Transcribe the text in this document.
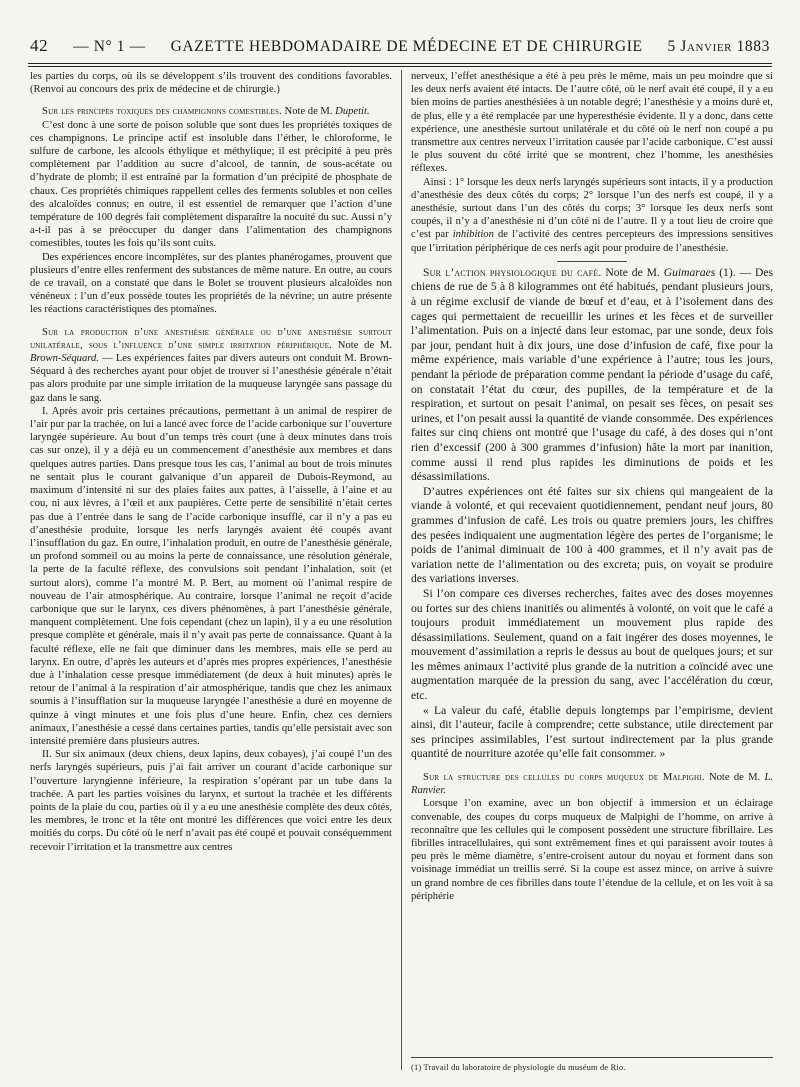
42 — N° 1 — GAZETTE HEBDOMADAIRE DE MÉDECINE ET DE CHIRURGIE 5 Janvier 1883

les parties du corps, où ils se développent s’ils trouvent des conditions favorables. (Renvoi au concours des prix de médecine et de chirurgie.)

Sur les principes toxiques des champignons comestibles. Note de M. Dupetit.

C’est donc à une sorte de poison soluble que sont dues les propriétés toxiques de ces champignons. Le principe actif est insoluble dans l’éther, le chloroforme, le sulfure de carbone, les alcools éthylique et méthylique; il est précipité à peu près complètement par l’addition au sucre d’alcool, de tannin, de sous-acétate ou d’hydrate de plomb; il est entraîné par la formation d’un précipité de phosphate de chaux. Ces propriétés chimiques rappellent celles des ferments solubles et non celles des alcaloïdes connus; en outre, il est essentiel de remarquer que l’action d’une température de 100 degrés fait complètement disparaître la nocuité du suc. Aussi n’y a-t-il pas à se préoccuper du danger dans l’alimentation des champignons comestibles, toutes les fois qu’ils sont cuits.

Des expériences encore incomplètes, sur des plantes phanérogames, prouvent que plusieurs d’entre elles renferment des substances de même nature. En outre, au cours de ce travail, on a constaté que dans le Bolet se trouvent plusieurs alcaloïdes non vénéneux : l’un d’eux possède toutes les propriétés de la névrine; un autre présente les réactions caractéristiques des ptomaïnes.

Sur la production d’une anesthésie générale ou d’une anesthésie surtout unilatérale, sous l’influence d’une simple irritation périphérique. Note de M. Brown-Séquard. — Les expériences faites par divers auteurs ont conduit M. Brown-Séquard à des recherches ayant pour objet de trouver si l’anesthésie générale n’était pas alors produite par une simple irritation de la muqueuse laryngée sans passage du gaz dans le sang.

I. Après avoir pris certaines précautions, permettant à un animal de respirer de l’air pur par la trachée, on lui a lancé avec force de l’acide carbonique sur l’ouverture laryngée supérieure. Au bout d’un temps très court (une à deux minutes dans trois cas sur onze), il y a déjà eu un commencement d’anesthésie aux membres et dans quelques autres parties. Dans presque tous les cas, l’animal au bout de trois minutes ne sentait plus le courant galvanique d’un appareil de Dubois-Reymond, au maximum d’intensité ni sur des plaies faites aux pattes, à l’aisselle, à l’aine et au cou, ni aux lèvres, à l’œil et aux paupières. Cette perte de sensibilité n’était certes pas due à l’entrée dans le sang de l’acide carbonique insufflé, car il n’y a pas eu d’anesthésie produite, lorsque les nerfs laryngés avaient été coupés avant l’insufflation du gaz. En outre, l’inhalation produit, en outre de l’anesthésie générale, un profond sommeil ou au moins la perte de connaissance, une résolution générale, la perte de la faculté réflexe, des convulsions soit pendant l’inhalation, soit (et surtout alors), comme l’a montré M. P. Bert, au moment où l’animal respire de nouveau de l’air atmosphérique. Au contraire, lorsque l’animal ne reçoit d’acide carbonique que sur le larynx, ces divers phénomènes, à part l’anesthésie générale, manquent complètement. Une fois cependant (chez un lapin), il y a eu une résolution presque complète et générale, mais il n’y avait pas perte de connaissance. Quant à la faculté réflexe, elle ne fait que diminuer dans les membres, mais elle se perd au larynx. En outre, d’après les auteurs et d’après mes propres expériences, l’anesthésie due à l’inhalation cesse presque immédiatement (de deux à huit minutes) après le retour de l’animal à la respiration d’air atmosphérique, tandis que chez les animaux soumis à l’insufflation sur la muqueuse laryngée l’anesthésie a duré en moyenne de quinze à vingt minutes et une fois plus d’une heure. Enfin, chez ces derniers animaux, l’anesthésie a cessé dans certaines parties, tandis qu’elle persistait avec son intensité première dans plusieurs autres.

II. Sur six animaux (deux chiens, deux lapins, deux cobayes), j’ai coupé l’un des nerfs laryngés supérieurs, puis j’ai fait arriver un courant d’acide carbonique sur l’ouverture laryngienne inférieure, la respiration s’opérant par un tube dans la trachée. A part les parties voisines du larynx, et surtout la trachée et les différents points de la plaie du cou, parties où il y a eu une anesthésie complète des deux côtés, les membres, le tronc et la tête ont montré les différences que voici entre les deux moitiés du corps. Du côté où le nerf n’avait pas été coupé et pouvait conséquemment recevoir l’irritation et la transmettre aux centres

nerveux, l’effet anesthésique a été à peu près le même, mais un peu moindre que si les deux nerfs avaient été intacts. De l’autre côté, où le nerf avait été coupé, il y a eu bien moins de parties anesthésiées à un notable degré; l’anesthésie y a moins duré et, de plus, elle y a été remplacée par une hyperesthésie évidente. Il y a donc, dans cette expérience, une anesthésie surtout unilatérale et du côté où le nerf non coupé a pu transmettre aux centres nerveux l’irritation causée par l’acide carbonique. C’est aussi le plus souvent du côté irrité que se montrent, chez l’homme, les anesthésies réflexes.

Ainsi : 1° lorsque les deux nerfs laryngés supérieurs sont intacts, il y a production d’anesthésie des deux côtés du corps; 2° lorsque l’un des nerfs est coupé, il y a anesthésie, surtout dans l’un des côtés du corps; 3° lorsque les deux nerfs sont coupés, il n’y a d’anesthésie ni d’un côté ni de l’autre. Il y a tout lieu de croire que c’est par inhibition de l’activité des centres percepteurs des impressions sensitives que l’irritation périphérique de ces nerfs agit pour produire de l’anesthésie.

Sur l’action physiologique du café. Note de M. Guimaraes (1). — Des chiens de rue de 5 à 8 kilogrammes ont été habitués, pendant plusieurs jours, à un régime exclusif de viande de bœuf et d’eau, et à l’isolement dans des cages qui permettaient de recueillir les urines et les fèces et de surveiller l’alimentation. Puis on a injecté dans leur estomac, par une sonde, deux fois par jour, pendant huit à dix jours, une dose d’infusion de café, fixe pour la même expérience, mais variable d’une expérience à l’autre; tous les jours, pendant la période de préparation comme pendant la période d’usage du café, on constatait l’état du cœur, des pupilles, de la température et de la respiration, et surtout on pesait l’animal, on pesait ses fèces, on pesait ses urines, et l’on pesait aussi la quantité de viande consommée. Des expériences faites sur cinq chiens ont montré que l’usage du café, à des doses qui n’ont rien d’excessif (200 à 300 grammes d’infusion) hâte la mort par inanition, comme aussi il rend plus rapides les diminutions de poids et les désassimilations.

D’autres expériences ont été faites sur six chiens qui mangeaient de la viande à volonté, et qui recevaient quotidiennement, pendant neuf jours, 80 grammes d’infusion de café. Les trois ou quatre premiers jours, les chiffres des pesées indiquaient une augmentation légère des pertes de l’organisme; le poids de l’animal diminuait de 100 à 400 grammes, et il n’y avait pas de variation nette de l’alimentation ou des excreta; puis, on voyait se produire des variations inverses.

Si l’on compare ces diverses recherches, faites avec des doses moyennes ou fortes sur des chiens inanitiés ou alimentés à volonté, on voit que le café a toujours produit immédiatement un mouvement plus rapide des désassimilations. Seulement, quand on a fait ingérer des doses moyennes, le mouvement d’assimilation a repris le dessus au bout de quelques jours; et sur les mêmes animaux l’activité plus grande de la nutrition a coïncidé avec une augmentation marquée de la pression du sang, avec l’accélération du cœur, etc.

« La valeur du café, établie depuis longtemps par l’empirisme, devient ainsi, dit l’auteur, facile à comprendre; cette substance, utile directement par ses principes assimilables, l’est surtout indirectement par la plus grande quantité de nourriture azotée qu’elle fait consommer. »

Sur la structure des cellules du corps muqueux de Malpighi. Note de M. L. Ranvier.

Lorsque l’on examine, avec un bon objectif à immersion et un éclairage convenable, des coupes du corps muqueux de Malpighi de l’homme, on arrive à reconnaître que les cellules qui le composent possèdent une structure fibrillaire. Les fibrilles intracellulaires, qui sont extrêmement fines et qui paraissent avoir toutes à peu près le même diamètre, s’entre-croisent autour du noyau et forment dans son voisinage immédiat un treillis serré. Si la coupe est assez mince, on arrive à suivre un grand nombre de ces fibrilles dans toute l’étendue de la cellule, et on les voit à sa périphérie

(1) Travail du laboratoire de physiologie du muséum de Rio.
